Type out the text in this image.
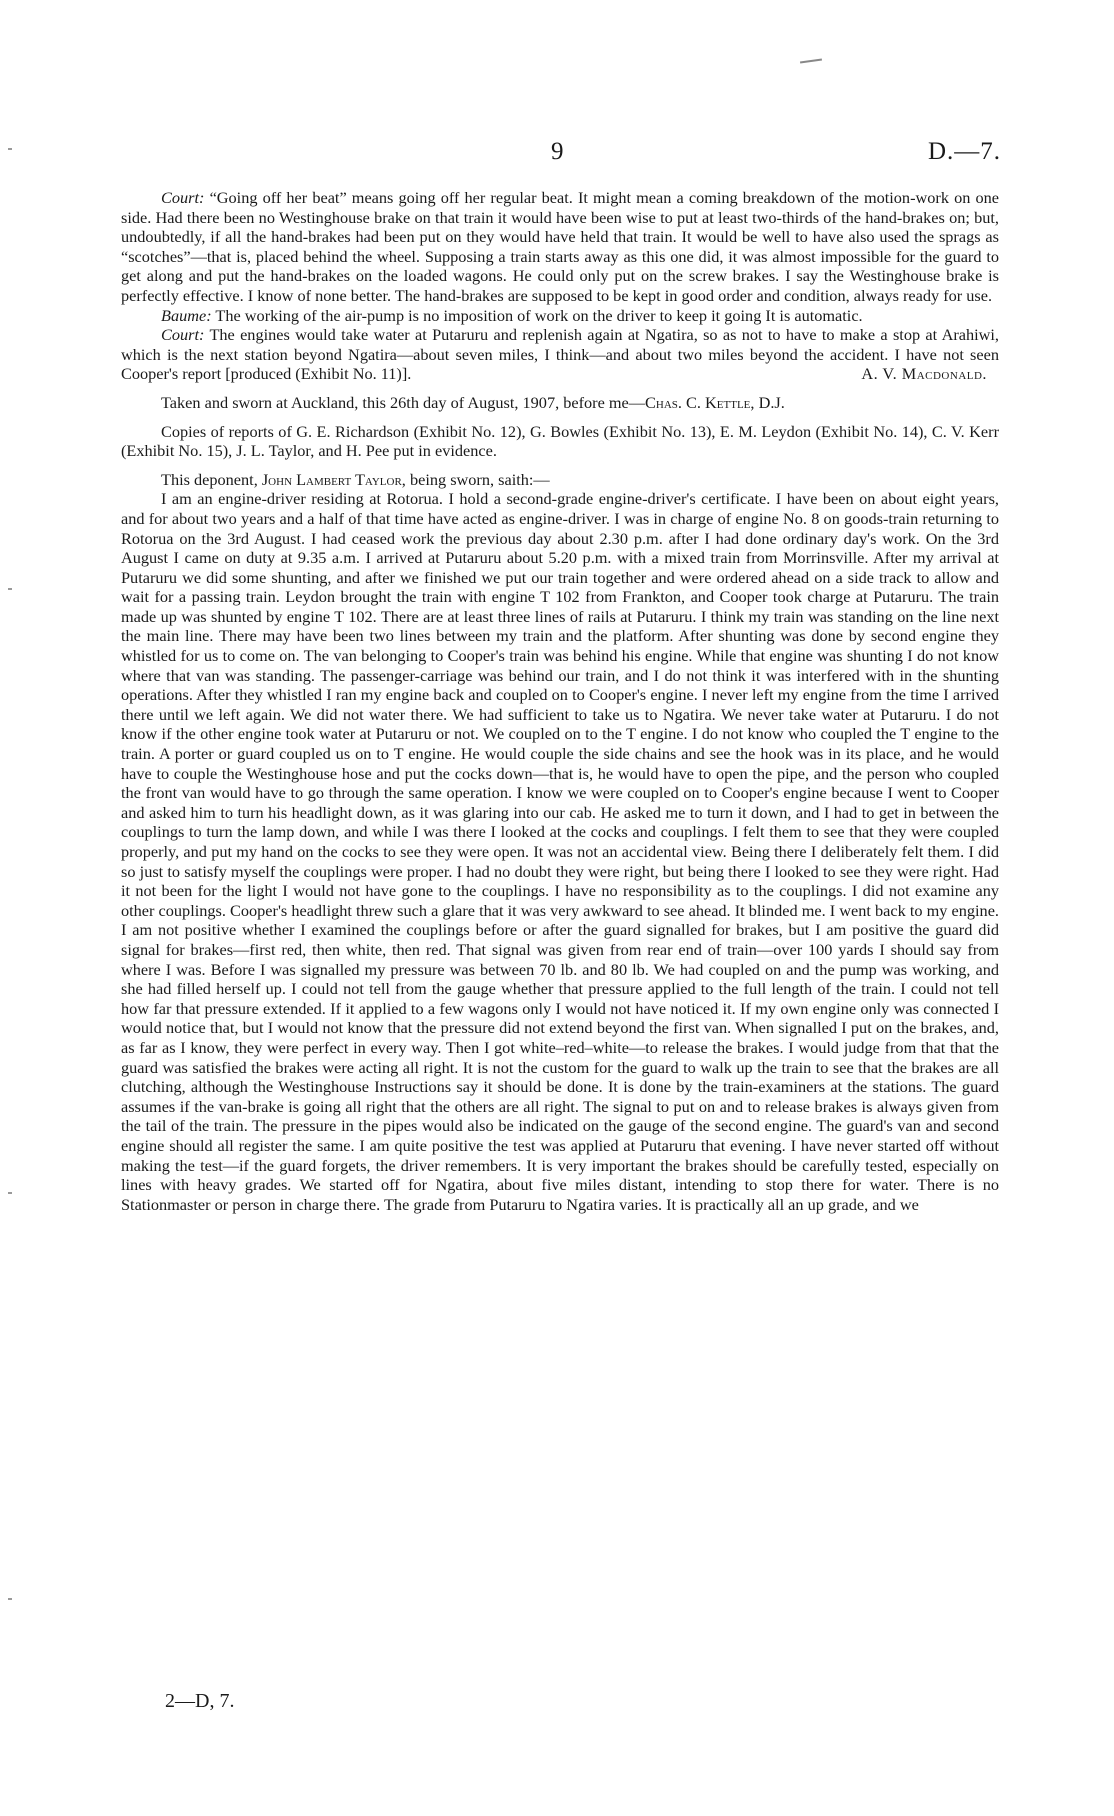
9	D.—7.

Court: “Going off her beat” means going off her regular beat. It might mean a coming breakdown of the motion-work on one side. Had there been no Westinghouse brake on that train it would have been wise to put at least two-thirds of the hand-brakes on; but, undoubtedly, if all the hand-brakes had been put on they would have held that train. It would be well to have also used the sprags as “scotches”—that is, placed behind the wheel. Supposing a train starts away as this one did, it was almost impossible for the guard to get along and put the hand-brakes on the loaded wagons. He could only put on the screw brakes. I say the Westinghouse brake is perfectly effective. I know of none better. The hand-brakes are supposed to be kept in good order and condition, always ready for use.

Baume: The working of the air-pump is no imposition of work on the driver to keep it going It is automatic.

Court: The engines would take water at Putaruru and replenish again at Ngatira, so as not to have to make a stop at Arahiwi, which is the next station beyond Ngatira—about seven miles, I think—and about two miles beyond the accident. I have not seen Cooper's report [produced (Exhibit No. 11)].	A. V. Macdonald.

Taken and sworn at Auckland, this 26th day of August, 1907, before me—Chas. C. Kettle, D.J.

Copies of reports of G. E. Richardson (Exhibit No. 12), G. Bowles (Exhibit No. 13), E. M. Leydon (Exhibit No. 14), C. V. Kerr (Exhibit No. 15), J. L. Taylor, and H. Pee put in evidence.

This deponent, John Lambert Taylor, being sworn, saith:—

I am an engine-driver residing at Rotorua. I hold a second-grade engine-driver's certificate. I have been on about eight years, and for about two years and a half of that time have acted as engine-driver. I was in charge of engine No. 8 on goods-train returning to Rotorua on the 3rd August. I had ceased work the previous day about 2.30 p.m. after I had done ordinary day's work. On the 3rd August I came on duty at 9.35 a.m. I arrived at Putaruru about 5.20 p.m. with a mixed train from Morrinsville. After my arrival at Putaruru we did some shunting, and after we finished we put our train together and were ordered ahead on a side track to allow and wait for a passing train. Leydon brought the train with engine T 102 from Frankton, and Cooper took charge at Putaruru. The train made up was shunted by engine T 102. There are at least three lines of rails at Putaruru. I think my train was standing on the line next the main line. There may have been two lines between my train and the platform. After shunting was done by second engine they whistled for us to come on. The van belonging to Cooper's train was behind his engine. While that engine was shunting I do not know where that van was standing. The passenger-carriage was behind our train, and I do not think it was interfered with in the shunting operations. After they whistled I ran my engine back and coupled on to Cooper's engine. I never left my engine from the time I arrived there until we left again. We did not water there. We had sufficient to take us to Ngatira. We never take water at Putaruru. I do not know if the other engine took water at Putaruru or not. We coupled on to the T engine. I do not know who coupled the T engine to the train. A porter or guard coupled us on to T engine. He would couple the side chains and see the hook was in its place, and he would have to couple the Westinghouse hose and put the cocks down—that is, he would have to open the pipe, and the person who coupled the front van would have to go through the same operation. I know we were coupled on to Cooper's engine because I went to Cooper and asked him to turn his headlight down, as it was glaring into our cab. He asked me to turn it down, and I had to get in between the couplings to turn the lamp down, and while I was there I looked at the cocks and couplings. I felt them to see that they were coupled properly, and put my hand on the cocks to see they were open. It was not an accidental view. Being there I deliberately felt them. I did so just to satisfy myself the couplings were proper. I had no doubt they were right, but being there I looked to see they were right. Had it not been for the light I would not have gone to the couplings. I have no responsibility as to the couplings. I did not examine any other couplings. Cooper's headlight threw such a glare that it was very awkward to see ahead. It blinded me. I went back to my engine. I am not positive whether I examined the couplings before or after the guard signalled for brakes, but I am positive the guard did signal for brakes—first red, then white, then red. That signal was given from rear end of train—over 100 yards I should say from where I was. Before I was signalled my pressure was between 70 lb. and 80 lb. We had coupled on and the pump was working, and she had filled herself up. I could not tell from the gauge whether that pressure applied to the full length of the train. I could not tell how far that pressure extended. If it applied to a few wagons only I would not have noticed it. If my own engine only was connected I would notice that, but I would not know that the pressure did not extend beyond the first van. When signalled I put on the brakes, and, as far as I know, they were perfect in every way. Then I got white–red–white—to release the brakes. I would judge from that that the guard was satisfied the brakes were acting all right. It is not the custom for the guard to walk up the train to see that the brakes are all clutching, although the Westinghouse Instructions say it should be done. It is done by the train-examiners at the stations. The guard assumes if the van-brake is going all right that the others are all right. The signal to put on and to release brakes is always given from the tail of the train. The pressure in the pipes would also be indicated on the gauge of the second engine. The guard's van and second engine should all register the same. I am quite positive the test was applied at Putaruru that evening. I have never started off without making the test—if the guard forgets, the driver remembers. It is very important the brakes should be carefully tested, especially on lines with heavy grades. We started off for Ngatira, about five miles distant, intending to stop there for water. There is no Stationmaster or person in charge there. The grade from Putaruru to Ngatira varies. It is practically all an up grade, and we

2—D, 7.
